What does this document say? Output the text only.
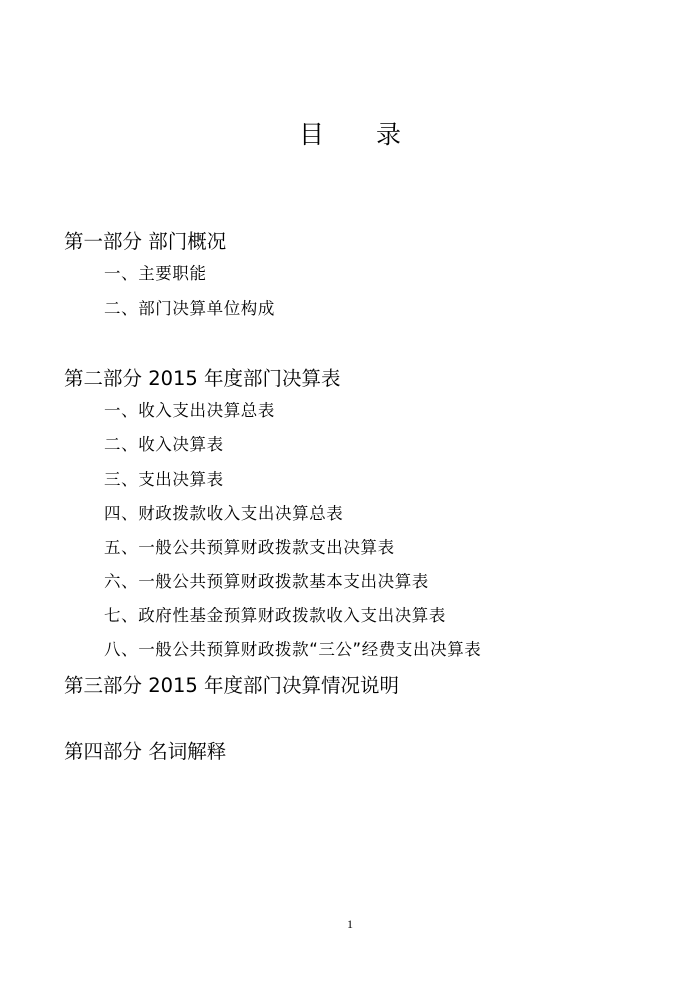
目 录
第一部分 部门概况
一、主要职能
二、部门决算单位构成
第二部分 2015 年度部门决算表
一、收入支出决算总表
二、收入决算表
三、支出决算表
四、财政拨款收入支出决算总表
五、一般公共预算财政拨款支出决算表
六、一般公共预算财政拨款基本支出决算表
七、政府性基金预算财政拨款收入支出决算表
八、一般公共预算财政拨款“三公”经费支出决算表
第三部分 2015 年度部门决算情况说明
第四部分 名词解释
1
